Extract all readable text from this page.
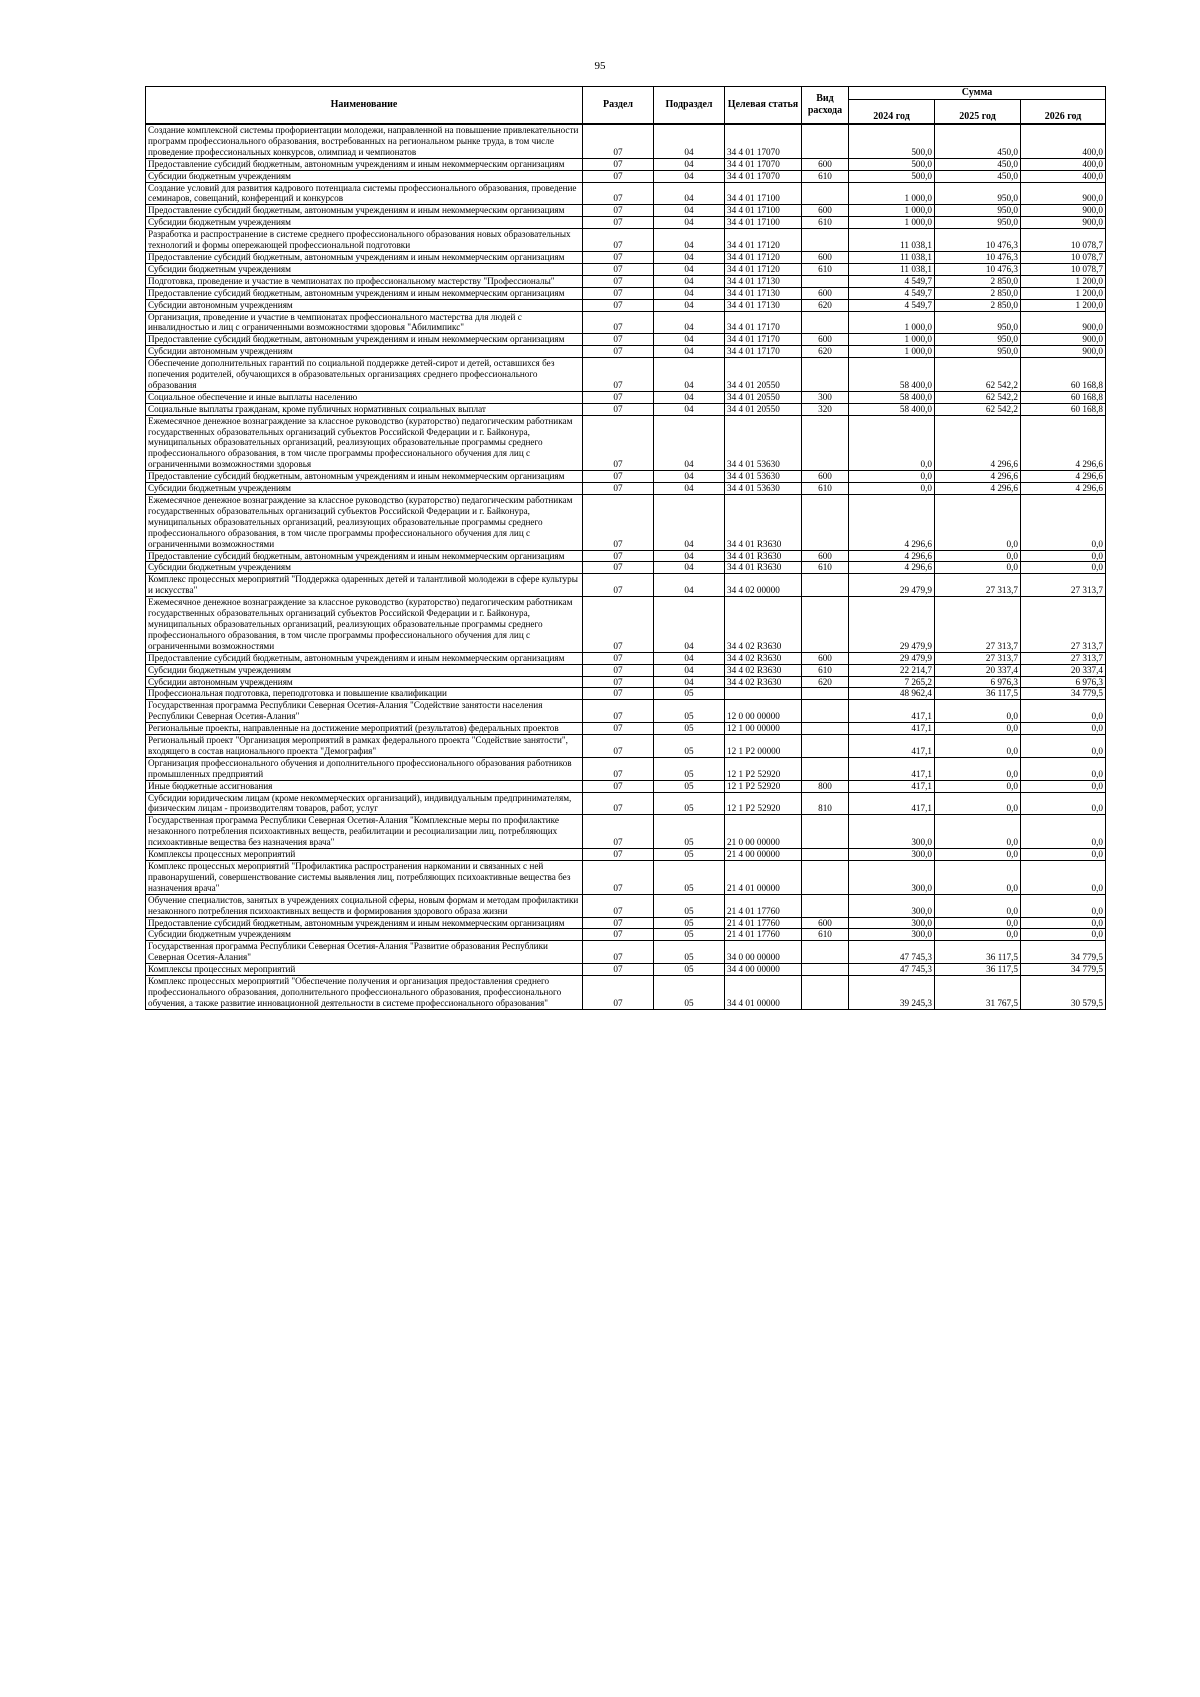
95
Наименование	Раздел	Подраздел	Целевая статья	Вид расхода	Сумма		
					2024 год	2025 год	2026 год
Создание комплексной системы профориентации молодежи, направленной на повышение привлекательности программ профессионального образования, востребованных на региональном рынке труда, в том числе проведение профессиональных конкурсов, олимпиад и чемпионатов	07	04	34 4 01 17070		500,0	450,0	400,0
Предоставление субсидий бюджетным, автономным учреждениям и иным некоммерческим организациям	07	04	34 4 01 17070	600	500,0	450,0	400,0
Субсидии бюджетным учреждениям	07	04	34 4 01 17070	610	500,0	450,0	400,0
Создание условий для развития кадрового потенциала системы профессионального образования, проведение семинаров, совещаний, конференций и конкурсов	07	04	34 4 01 17100		1 000,0	950,0	900,0
Предоставление субсидий бюджетным, автономным учреждениям и иным некоммерческим организациям	07	04	34 4 01 17100	600	1 000,0	950,0	900,0
Субсидии бюджетным учреждениям	07	04	34 4 01 17100	610	1 000,0	950,0	900,0
Разработка и распространение в системе среднего профессионального образования новых образовательных технологий и формы опережающей профессиональной подготовки	07	04	34 4 01 17120		11 038,1	10 476,3	10 078,7
Предоставление субсидий бюджетным, автономным учреждениям и иным некоммерческим организациям	07	04	34 4 01 17120	600	11 038,1	10 476,3	10 078,7
Субсидии бюджетным учреждениям	07	04	34 4 01 17120	610	11 038,1	10 476,3	10 078,7
Подготовка, проведение и участие в чемпионатах по профессиональному мастерству "Профессионалы"	07	04	34 4 01 17130		4 549,7	2 850,0	1 200,0
Предоставление субсидий бюджетным, автономным учреждениям и иным некоммерческим организациям	07	04	34 4 01 17130	600	4 549,7	2 850,0	1 200,0
Субсидии автономным учреждениям	07	04	34 4 01 17130	620	4 549,7	2 850,0	1 200,0
Организация, проведение и участие в чемпионатах профессионального мастерства для людей с инвалидностью и лиц с ограниченными возможностями здоровья "Абилимпикс"	07	04	34 4 01 17170		1 000,0	950,0	900,0
Предоставление субсидий бюджетным, автономным учреждениям и иным некоммерческим организациям	07	04	34 4 01 17170	600	1 000,0	950,0	900,0
Субсидии автономным учреждениям	07	04	34 4 01 17170	620	1 000,0	950,0	900,0
Обеспечение дополнительных гарантий по социальной поддержке детей-сирот и детей, оставшихся без попечения родителей, обучающихся в образовательных организациях среднего профессионального образования	07	04	34 4 01 20550		58 400,0	62 542,2	60 168,8
Социальное обеспечение и иные выплаты населению	07	04	34 4 01 20550	300	58 400,0	62 542,2	60 168,8
Социальные выплаты гражданам, кроме публичных нормативных социальных выплат	07	04	34 4 01 20550	320	58 400,0	62 542,2	60 168,8
Ежемесячное денежное вознаграждение за классное руководство (кураторство) педагогическим работникам государственных образовательных организаций субъектов Российской Федерации и г. Байконура, муниципальных образовательных организаций, реализующих образовательные программы среднего профессионального образования, в том числе программы профессионального обучения для лиц с ограниченными возможностями здоровья	07	04	34 4 01 53630		0,0	4 296,6	4 296,6
Предоставление субсидий бюджетным, автономным учреждениям и иным некоммерческим организациям	07	04	34 4 01 53630	600	0,0	4 296,6	4 296,6
Субсидии бюджетным учреждениям	07	04	34 4 01 53630	610	0,0	4 296,6	4 296,6
Ежемесячное денежное вознаграждение за классное руководство (кураторство) педагогическим работникам государственных образовательных организаций субъектов Российской Федерации и г. Байконура, муниципальных образовательных организаций, реализующих образовательные программы среднего профессионального образования, в том числе программы профессионального обучения для лиц с ограниченными возможностями	07	04	34 4 01 R3630		4 296,6	0,0	0,0
Предоставление субсидий бюджетным, автономным учреждениям и иным некоммерческим организациям	07	04	34 4 01 R3630	600	4 296,6	0,0	0,0
Субсидии бюджетным учреждениям	07	04	34 4 01 R3630	610	4 296,6	0,0	0,0
Комплекс процессных мероприятий "Поддержка одаренных детей и талантливой молодежи в сфере культуры и искусства"	07	04	34 4 02 00000		29 479,9	27 313,7	27 313,7
Ежемесячное денежное вознаграждение за классное руководство (кураторство) педагогическим работникам государственных образовательных организаций субъектов Российской Федерации и г. Байконура, муниципальных образовательных организаций, реализующих образовательные программы среднего профессионального образования, в том числе программы профессионального обучения для лиц с ограниченными возможностями	07	04	34 4 02 R3630		29 479,9	27 313,7	27 313,7
Предоставление субсидий бюджетным, автономным учреждениям и иным некоммерческим организациям	07	04	34 4 02 R3630	600	29 479,9	27 313,7	27 313,7
Субсидии бюджетным учреждениям	07	04	34 4 02 R3630	610	22 214,7	20 337,4	20 337,4
Субсидии автономным учреждениям	07	04	34 4 02 R3630	620	7 265,2	6 976,3	6 976,3
Профессиональная подготовка, переподготовка и повышение квалификации	07	05			48 962,4	36 117,5	34 779,5
Государственная программа Республики Северная Осетия-Алания "Содействие занятости населения Республики Северная Осетия-Алания"	07	05	12 0 00 00000		417,1	0,0	0,0
Региональные проекты, направленные на достижение мероприятий (результатов) федеральных проектов	07	05	12 1 00 00000		417,1	0,0	0,0
Региональный проект "Организация мероприятий в рамках федерального проекта "Содействие занятости", входящего в состав национального проекта "Демография"	07	05	12 1 P2 00000		417,1	0,0	0,0
Организация профессионального обучения и дополнительного профессионального образования работников промышленных предприятий	07	05	12 1 P2 52920		417,1	0,0	0,0
Иные бюджетные ассигнования	07	05	12 1 P2 52920	800	417,1	0,0	0,0
Субсидии юридическим лицам (кроме некоммерческих организаций), индивидуальным предпринимателям, физическим лицам - производителям товаров, работ, услуг	07	05	12 1 P2 52920	810	417,1	0,0	0,0
Государственная программа Республики Северная Осетия-Алания "Комплексные меры по профилактике незаконного потребления психоактивных веществ, реабилитации и ресоциализации лиц, потребляющих психоактивные вещества без назначения врача"	07	05	21 0 00 00000		300,0	0,0	0,0
Комплексы процессных мероприятий	07	05	21 4 00 00000		300,0	0,0	0,0
Комплекс процессных мероприятий "Профилактика распространения наркомании и связанных с ней правонарушений, совершенствование системы выявления лиц, потребляющих психоактивные вещества без назначения врача"	07	05	21 4 01 00000		300,0	0,0	0,0
Обучение специалистов, занятых в учреждениях социальной сферы, новым формам и методам профилактики незаконного потребления психоактивных веществ и формирования здорового образа жизни	07	05	21 4 01 17760		300,0	0,0	0,0
Предоставление субсидий бюджетным, автономным учреждениям и иным некоммерческим организациям	07	05	21 4 01 17760	600	300,0	0,0	0,0
Субсидии бюджетным учреждениям	07	05	21 4 01 17760	610	300,0	0,0	0,0
Государственная программа Республики Северная Осетия-Алания "Развитие образования Республики Северная Осетия-Алания"	07	05	34 0 00 00000		47 745,3	36 117,5	34 779,5
Комплексы процессных мероприятий	07	05	34 4 00 00000		47 745,3	36 117,5	34 779,5
Комплекс процессных мероприятий "Обеспечение получения и организация предоставления среднего профессионального образования, дополнительного профессионального образования, профессионального обучения, а также развитие инновационной деятельности в системе профессионального образования"	07	05	34 4 01 00000		39 245,3	31 767,5	30 579,5
